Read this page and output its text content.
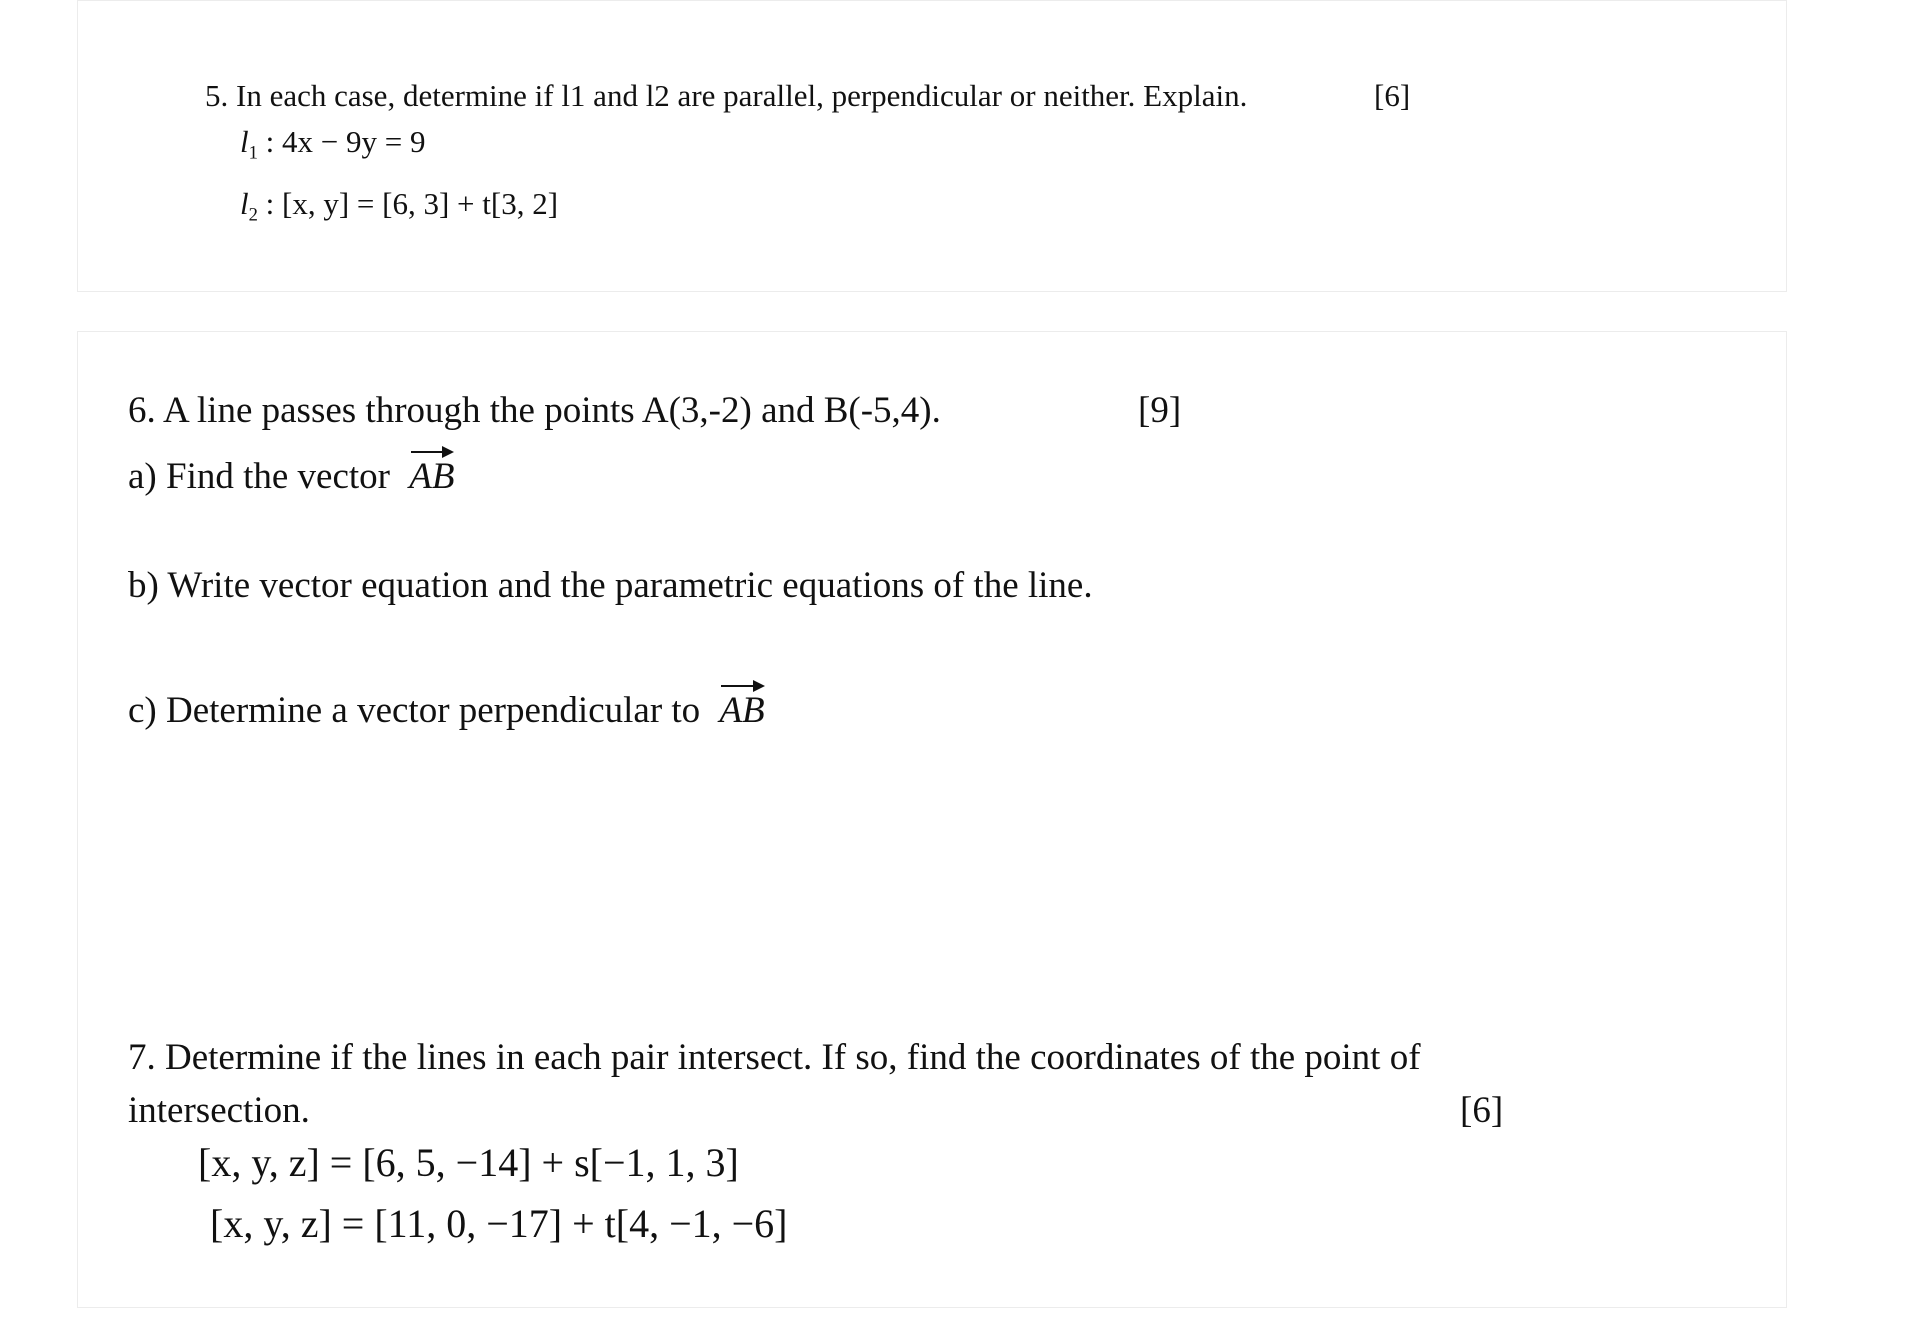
5. In each case, determine if l1 and l2 are parallel, perpendicular or neither. Explain.	[6]
$l_1$ : 4x − 9y = 9
$l_2$ : [x, y] = [6, 3] + t[3, 2]
6. A line passes through the points A(3,-2) and B(-5,4).	[9]
a) Find the vector AB
b) Write vector equation and the parametric equations of the line.
c) Determine a vector perpendicular to AB
7. Determine if the lines in each pair intersect. If so, find the coordinates of the point of
intersection.	[6]
[x, y, z] = [6, 5, −14] + s[−1, 1, 3]
[x, y, z] = [11, 0, −17] + t[4, −1, −6]
